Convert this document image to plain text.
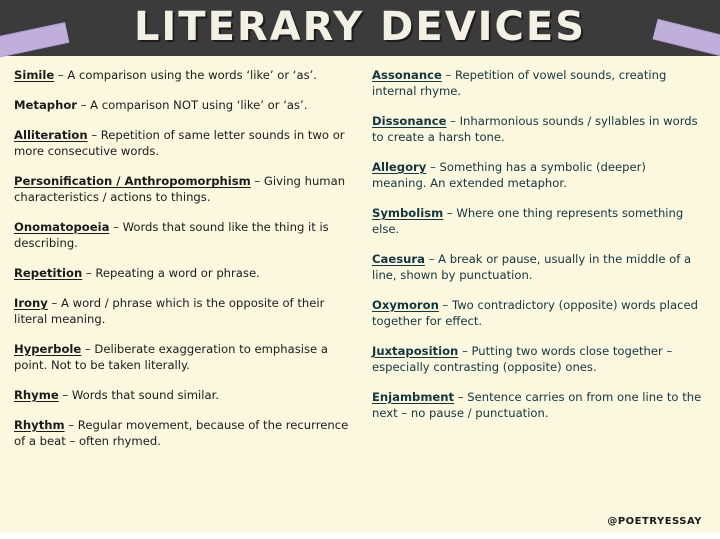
LITERARY DEVICES
Simile – A comparison using the words ‘like’ or ‘as’.
Metaphor – A comparison NOT using ‘like’ or ‘as’.
Alliteration – Repetition of same letter sounds in two or more consecutive words.
Personification / Anthropomorphism – Giving human characteristics / actions to things.
Onomatopoeia – Words that sound like the thing it is describing.
Repetition – Repeating a word or phrase.
Irony – A word / phrase which is the opposite of their literal meaning.
Hyperbole – Deliberate exaggeration to emphasise a point. Not to be taken literally.
Rhyme – Words that sound similar.
Rhythm – Regular movement, because of the recurrence of a beat – often rhymed.
Assonance – Repetition of vowel sounds, creating internal rhyme.
Dissonance – Inharmonious sounds / syllables in words to create a harsh tone.
Allegory – Something has a symbolic (deeper) meaning. An extended metaphor.
Symbolism – Where one thing represents something else.
Caesura – A break or pause, usually in the middle of a line, shown by punctuation.
Oxymoron – Two contradictory (opposite) words placed together for effect.
Juxtaposition – Putting two words close together – especially contrasting (opposite) ones.
Enjambment – Sentence carries on from one line to the next – no pause / punctuation.
@POETRYESSAY
